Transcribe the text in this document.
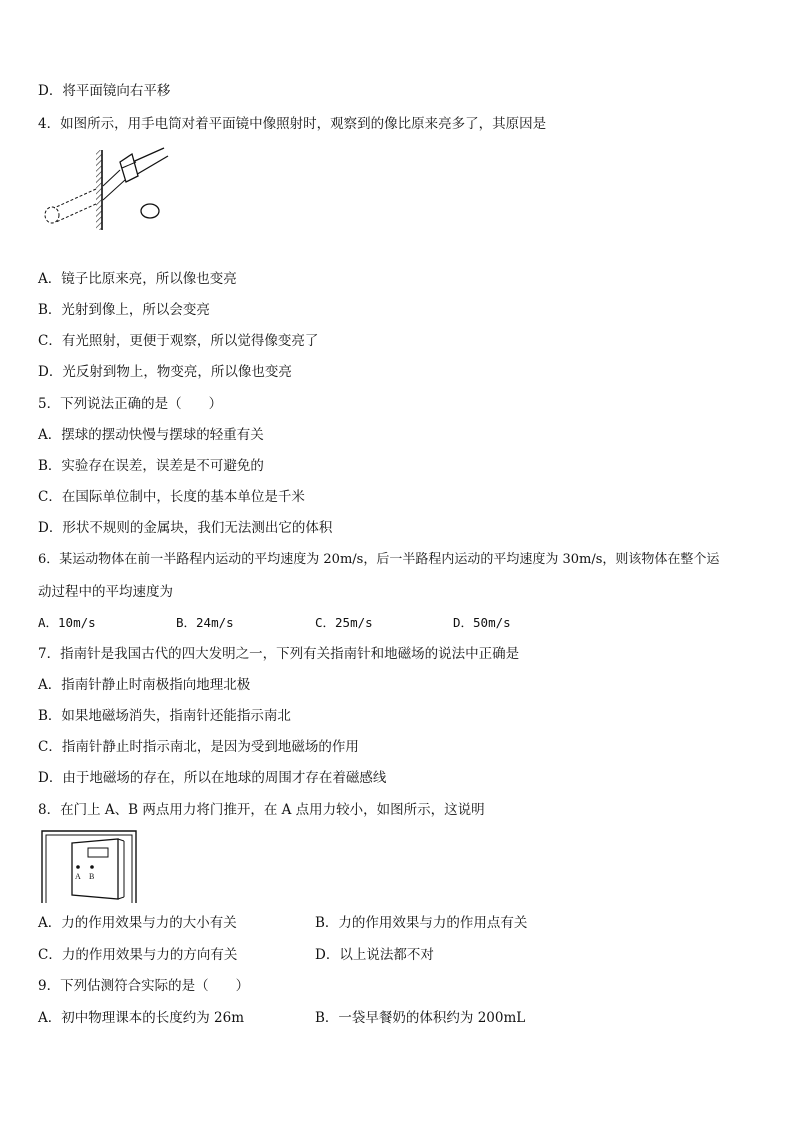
D．将平面镜向右平移
4．如图所示，用手电筒对着平面镜中像照射时，观察到的像比原来亮多了，其原因是
A．镜子比原来亮，所以像也变亮
B．光射到像上，所以会变亮
C．有光照射，更便于观察，所以觉得像变亮了
D．光反射到物上，物变亮，所以像也变亮
5．下列说法正确的是（　　）
A．摆球的摆动快慢与摆球的轻重有关
B．实验存在误差，误差是不可避免的
C．在国际单位制中，长度的基本单位是千米
D．形状不规则的金属块，我们无法测出它的体积
6．某运动物体在前一半路程内运动的平均速度为 20m/s，后一半路程内运动的平均速度为 30m/s，则该物体在整个运
动过程中的平均速度为
A．10m/s	B．24m/s	C．25m/s	D．50m/s
7．指南针是我国古代的四大发明之一，下列有关指南针和地磁场的说法中正确是
A．指南针静止时南极指向地理北极
B．如果地磁场消失，指南针还能指示南北
C．指南针静止时指示南北，是因为受到地磁场的作用
D．由于地磁场的存在，所以在地球的周围才存在着磁感线
8．在门上 A、B 两点用力将门推开，在 A 点用力较小，如图所示，这说明
A B
A．力的作用效果与力的大小有关	B．力的作用效果与力的作用点有关
C．力的作用效果与力的方向有关	D．以上说法都不对
9．下列估测符合实际的是（　　）
A．初中物理课本的长度约为 26m	B．一袋早餐奶的体积约为 200mL
